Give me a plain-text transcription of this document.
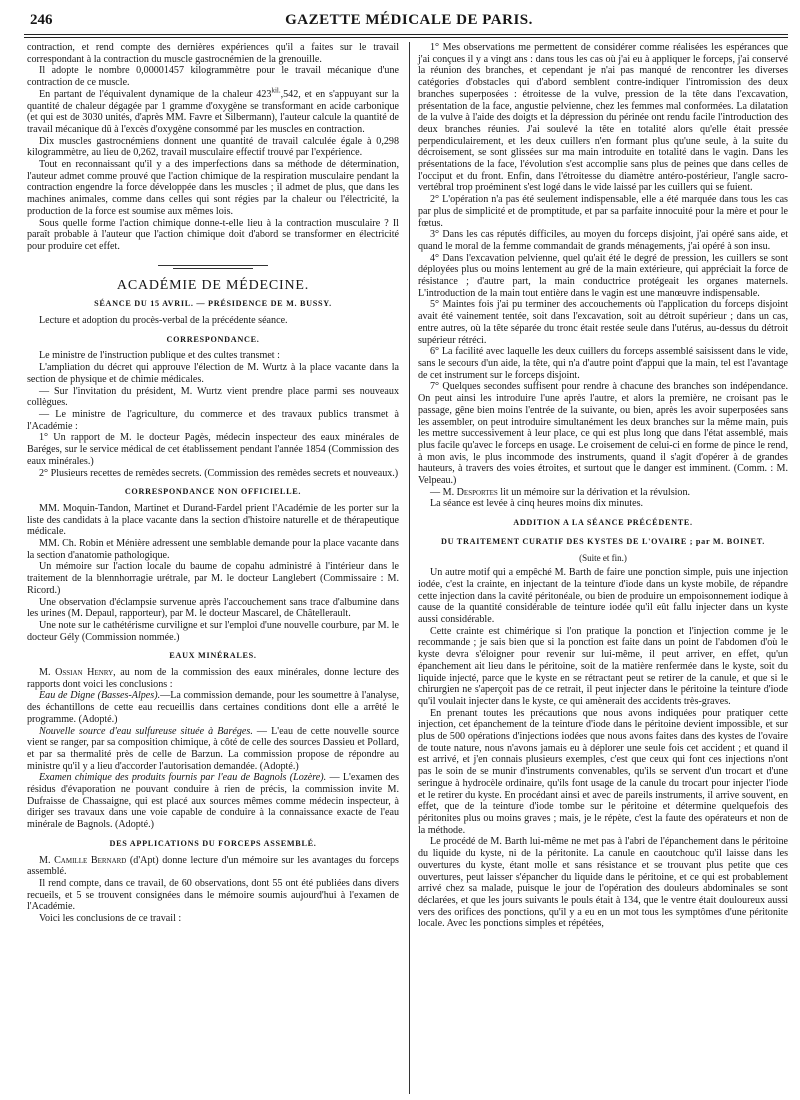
246	GAZETTE MÉDICALE DE PARIS.

contraction, et rend compte des dernières expériences qu'il a faites sur le travail correspondant à la contraction du muscle gastrocnémien de la grenouille.

Il adopte le nombre 0,00001457 kilogrammètre pour le travail mécanique d'une contraction de ce muscle.

En partant de l'équivalent dynamique de la chaleur $423^{kil.},542$, et en s'appuyant sur la quantité de chaleur dégagée par 1 gramme d'oxygène se transformant en acide carbonique (et qui est de 3030 unités, d'après MM. Favre et Silbermann), l'auteur calcule la quantité de travail mécanique dû à l'excès d'oxygène consommé par les muscles en contraction.

Dix muscles gastrocnémiens donnent une quantité de travail calculée égale à 0,298 kilogrammètre, au lieu de 0,262, travail musculaire effectif trouvé par l'expérience.

Tout en reconnaissant qu'il y a des imperfections dans sa méthode de détermination, l'auteur admet comme prouvé que l'action chimique de la respiration musculaire pendant la contraction engendre la force développée dans les muscles ; il admet de plus, que dans les machines animales, comme dans celles qui sont régies par la chaleur ou l'électricité, la production de la force est soumise aux mêmes lois.

Sous quelle forme l'action chimique donne-t-elle lieu à la contraction musculaire ? Il paraît probable à l'auteur que l'action chimique doit d'abord se transformer en électricité pour produire cet effet.

ACADÉMIE DE MÉDECINE.
SÉANCE DU 15 AVRIL. — PRÉSIDENCE DE M. BUSSY.

Lecture et adoption du procès-verbal de la précédente séance.

CORRESPONDANCE.

Le ministre de l'instruction publique et des cultes transmet :

L'ampliation du décret qui approuve l'élection de M. Wurtz à la place vacante dans la section de physique et de chimie médicales.

— Sur l'invitation du président, M. Wurtz vient prendre place parmi ses nouveaux collègues.

— Le ministre de l'agriculture, du commerce et des travaux publics transmet à l'Académie :

1° Un rapport de M. le docteur Pagès, médecin inspecteur des eaux minérales de Baréges, sur le service médical de cet établissement pendant l'année 1854 (Commission des eaux minérales.)

2° Plusieurs recettes de remèdes secrets. (Commission des remèdes secrets et nouveaux.)

CORRESPONDANCE NON OFFICIELLE.

MM. Moquin-Tandon, Martinet et Durand-Fardel prient l'Académie de les porter sur la liste des candidats à la place vacante dans la section d'histoire naturelle et de thérapeutique médicale.

MM. Ch. Robin et Ménière adressent une semblable demande pour la place vacante dans la section d'anatomie pathologique.

Un mémoire sur l'action locale du baume de copahu administré à l'intérieur dans le traitement de la blennhorragie urétrale, par M. le docteur Langlebert (Commissaire : M. Ricord.)

Une observation d'éclampsie survenue après l'accouchement sans trace d'albumine dans les urines (M. Depaul, rapporteur), par M. le docteur Mascarel, de Châtellerault.

Une note sur le cathétérisme curviligne et sur l'emploi d'une nouvelle courbure, par M. le docteur Gély (Commission nommée.)

EAUX MINÉRALES.

M. Ossian Henry, au nom de la commission des eaux minérales, donne lecture des rapports dont voici les conclusions :

Eau de Digne (Basses-Alpes).—La commission demande, pour les soumettre à l'analyse, des échantillons de cette eau recueillis dans certaines conditions dont elle a arrêté le programme. (Adopté.)

Nouvelle source d'eau sulfureuse située à Baréges. — L'eau de cette nouvelle source vient se ranger, par sa composition chimique, à côté de celle des sources Dassieu et Pollard, et par sa thermalité près de celle de Barzun. La commission propose de répondre au ministre qu'il y a lieu d'accorder l'autorisation demandée. (Adopté.)

Examen chimique des produits fournis par l'eau de Bagnols (Lozère). — L'examen des résidus d'évaporation ne pouvant conduire à rien de précis, la commission invite M. Dufraisse de Chassaigne, qui est placé aux sources mêmes comme médecin inspecteur, à diriger ses travaux dans une voie capable de conduire à la connaissance exacte de l'eau minérale de Bagnols. (Adopté.)

DES APPLICATIONS DU FORCEPS ASSEMBLÉ.

M. Camille Bernard (d'Apt) donne lecture d'un mémoire sur les avantages du forceps assemblé.

Il rend compte, dans ce travail, de 60 observations, dont 55 ont été publiées dans divers recueils, et 5 se trouvent consignées dans le mémoire soumis aujourd'hui à l'examen de l'Académie.

Voici les conclusions de ce travail :

1° Mes observations me permettent de considérer comme réalisées les espérances que j'ai conçues il y a vingt ans : dans tous les cas où j'ai eu à appliquer le forceps, j'ai conservé la réunion des branches, et cependant je n'ai pas manqué de rencontrer les diverses catégories d'obstacles qui d'abord semblent contre-indiquer l'intromission des deux branches superposées : étroitesse de la vulve, pression de la tête dans l'excavation, présentation de la face, angustie pelvienne, chez les femmes mal conformées. La dilatation de la vulve à l'aide des doigts et la dépression du périnée ont rendu facile l'introduction des deux branches réunies. J'ai soulevé la tête en totalité alors qu'elle était pressée perpendiculairement, et les deux cuillers n'en formant plus qu'une seule, à la suite du décroisement, se sont glissées sur ma main introduite en totalité dans le vagin. Dans les présentations de la face, l'évolution s'est accomplie sans plus de peines que dans celles de l'occiput et du front. Enfin, dans l'étroitesse du diamètre antéro-postérieur, l'angle sacro-vertébral trop proéminent s'est logé dans le vide laissé par les cuillers qui se fuient.

2° L'opération n'a pas été seulement indispensable, elle a été marquée dans tous les cas par plus de simplicité et de promptitude, et par sa parfaite innocuité pour la mère et pour le fœtus.

3° Dans les cas réputés difficiles, au moyen du forceps disjoint, j'ai opéré sans aide, et quand le moral de la femme commandait de grands ménagements, j'ai opéré à son insu.

4° Dans l'excavation pelvienne, quel qu'ait été le degré de pression, les cuillers se sont déployées plus ou moins lentement au gré de la main extérieure, qui appréciait la force de résistance ; d'autre part, la main conductrice protégeait les organes maternels. L'introduction de la main tout entière dans le vagin est une manœuvre indispensable.

5° Maintes fois j'ai pu terminer des accouchements où l'application du forceps disjoint avait été vainement tentée, soit dans l'excavation, soit au détroit supérieur ; dans un cas, entre autres, où la tête séparée du tronc était restée seule dans l'utérus, au-dessus du détroit supérieur rétréci.

6° La facilité avec laquelle les deux cuillers du forceps assemblé saisissent dans le vide, sans le secours d'un aide, la tête, qui n'a d'autre point d'appui que la main, tel est l'avantage de cet instrument sur le forceps disjoint.

7° Quelques secondes suffisent pour rendre à chacune des branches son indépendance. On peut ainsi les introduire l'une après l'autre, et alors la première, ne croisant pas le passage, gêne bien moins l'entrée de la suivante, ou bien, après les avoir superposées sans les assembler, on peut introduire simultanément les deux branches sur la même main, puis les mettre successivement à leur place, ce qui est plus long que dans l'état assemblé, mais plus facile qu'avec le forceps en usage. Le croisement de celui-ci en forme de pince le rend, à mon avis, le plus incommode des instruments, quand il s'agit d'opérer à de grandes hauteurs, à travers des voies étroites, et surtout que le danger est imminent. (Comm. : M. Velpeau.)

— M. Desportes lit un mémoire sur la dérivation et la révulsion.

La séance est levée à cinq heures moins dix minutes.

ADDITION A LA SÉANCE PRÉCÉDENTE.
DU TRAITEMENT CURATIF DES KYSTES DE L'OVAIRE ; par M. BOINET.

(Suite et fin.)

Un autre motif qui a empêché M. Barth de faire une ponction simple, puis une injection iodée, c'est la crainte, en injectant de la teinture d'iode dans un kyste mobile, de répandre cette injection dans la cavité péritonéale, ou bien de produire un empoisonnement iodique à cause de la quantité considérable de teinture iodée qu'il eût fallu injecter dans un kyste aussi considérable.

Cette crainte est chimérique si l'on pratique la ponction et l'injection comme je le recommande ; je sais bien que si la ponction est faite dans un point de l'abdomen d'où le kyste devra s'éloigner pour revenir sur lui-même, il peut arriver, en effet, qu'un épanchement ait lieu dans le péritoine, soit de la matière renfermée dans le kyste, soit du liquide injecté, parce que le kyste en se rétractant peut se retirer de la canule, et que si le chirurgien ne s'aperçoit pas de ce retrait, il peut injecter dans le péritoine la teinture d'iode qu'il voulait injecter dans le kyste, ce qui amènerait des accidents très-graves.

En prenant toutes les précautions que nous avons indiquées pour pratiquer cette injection, cet épanchement de la teinture d'iode dans le péritoine devient impossible, et sur plus de 500 opérations d'injections iodées que nous avons faites dans des kystes de l'ovaire de toute nature, nous n'avons jamais eu à déplorer une seule fois cet accident ; et quand il est arrivé, et j'en connais plusieurs exemples, c'est que ceux qui font ces injections n'ont pas le soin de se munir d'instruments convenables, qu'ils se servent d'un trocart et d'une seringue à hydrocèle ordinaire, qu'ils font usage de la canule du trocart pour injecter l'iode et le retirer du kyste. En procédant ainsi et avec de pareils instruments, il arrive souvent, en effet, que de la teinture d'iode tombe sur le péritoine et détermine quelquefois des péritonites plus ou moins graves ; mais, je le répète, c'est la faute des opérateurs et non de la méthode.

Le procédé de M. Barth lui-même ne met pas à l'abri de l'épanchement dans le péritoine du liquide du kyste, ni de la péritonite. La canule en caoutchouc qu'il laisse dans les ouvertures du kyste, étant molle et sans résistance et se trouvant plus petite que ces ouvertures, peut laisser s'épancher du liquide dans le péritoine, et ce qui est probablement arrivé chez sa malade, puisque le jour de l'opération des douleurs abdominales se sont déclarées, et que les jours suivants le pouls était à 134, que le ventre était douloureux aussi vers des orifices des ponctions, qu'il y a eu en un mot tous les symptômes d'une péritonite locale. Avec les ponctions simples et répétées,
